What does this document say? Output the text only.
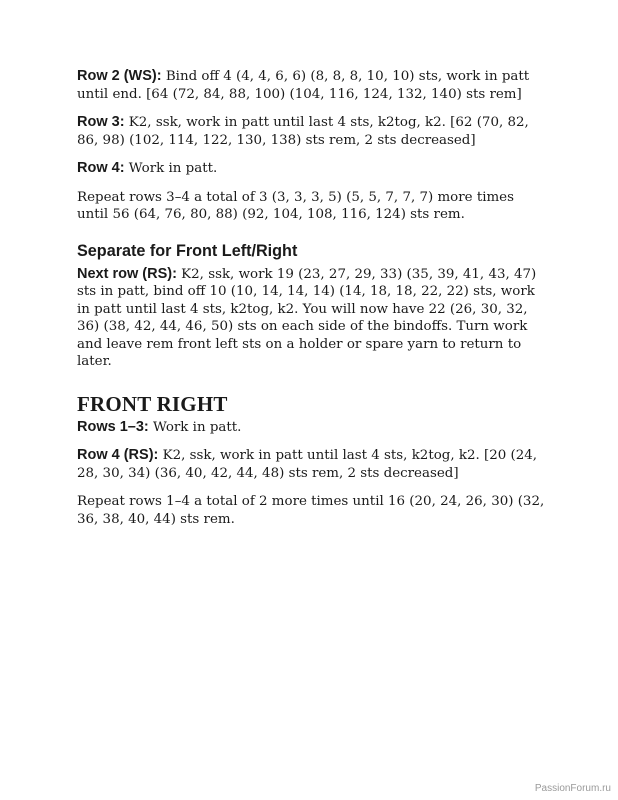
Row 2 (WS): Bind off 4 (4, 4, 6, 6) (8, 8, 8, 10, 10) sts, work in patt until end. [64 (72, 84, 88, 100) (104, 116, 124, 132, 140) sts rem]

Row 3: K2, ssk, work in patt until last 4 sts, k2tog, k2. [62 (70, 82, 86, 98) (102, 114, 122, 130, 138) sts rem, 2 sts decreased]

Row 4: Work in patt.

Repeat rows 3–4 a total of 3 (3, 3, 3, 5) (5, 5, 7, 7, 7) more times until 56 (64, 76, 80, 88) (92, 104, 108, 116, 124) sts rem.

Separate for Front Left/Right

Next row (RS): K2, ssk, work 19 (23, 27, 29, 33) (35, 39, 41, 43, 47) sts in patt, bind off 10 (10, 14, 14, 14) (14, 18, 18, 22, 22) sts, work in patt until last 4 sts, k2tog, k2. You will now have 22 (26, 30, 32, 36) (38, 42, 44, 46, 50) sts on each side of the bindoffs. Turn work and leave rem front left sts on a holder or spare yarn to return to later.

FRONT RIGHT

Rows 1–3: Work in patt.

Row 4 (RS): K2, ssk, work in patt until last 4 sts, k2tog, k2. [20 (24, 28, 30, 34) (36, 40, 42, 44, 48) sts rem, 2 sts decreased]

Repeat rows 1–4 a total of 2 more times until 16 (20, 24, 26, 30) (32, 36, 38, 40, 44) sts rem.

PassionForum.ru
